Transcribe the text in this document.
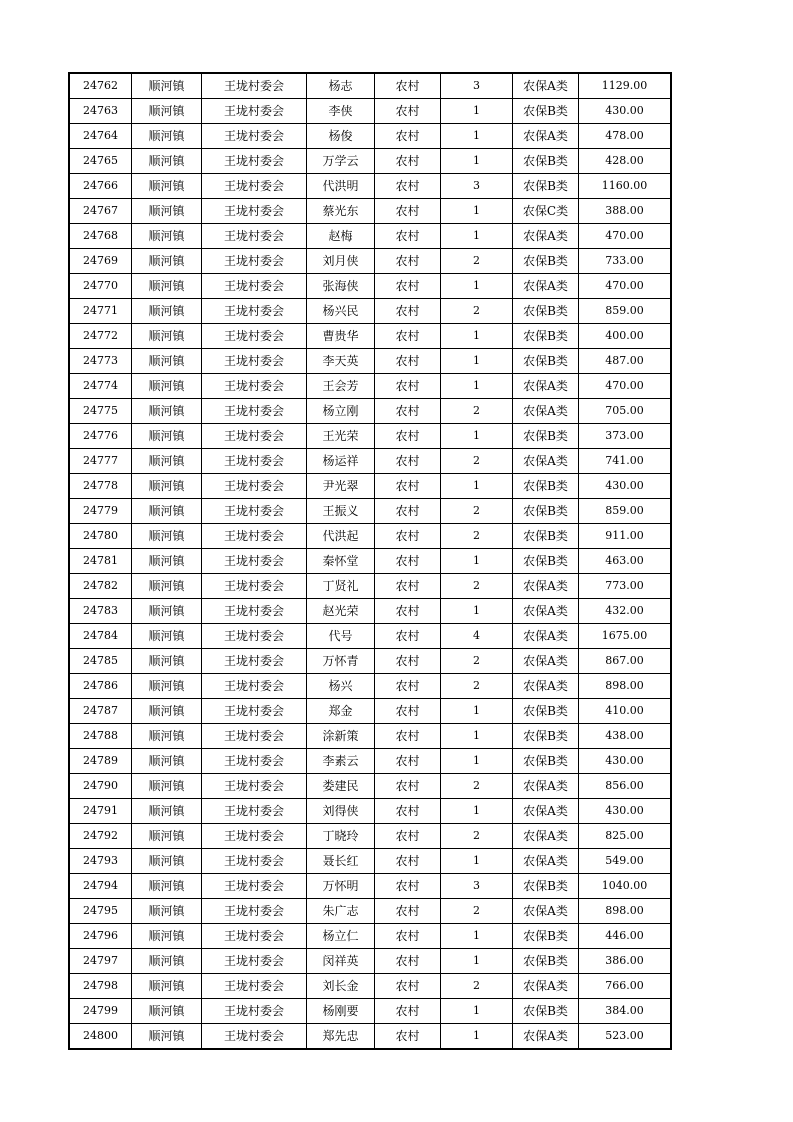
24762	顺河镇	王垅村委会	杨志	农村	3	农保A类	1129.00
24763	顺河镇	王垅村委会	李侠	农村	1	农保B类	430.00
24764	顺河镇	王垅村委会	杨俊	农村	1	农保A类	478.00
24765	顺河镇	王垅村委会	万学云	农村	1	农保B类	428.00
24766	顺河镇	王垅村委会	代洪明	农村	3	农保B类	1160.00
24767	顺河镇	王垅村委会	蔡光东	农村	1	农保C类	388.00
24768	顺河镇	王垅村委会	赵梅	农村	1	农保A类	470.00
24769	顺河镇	王垅村委会	刘月侠	农村	2	农保B类	733.00
24770	顺河镇	王垅村委会	张海侠	农村	1	农保A类	470.00
24771	顺河镇	王垅村委会	杨兴民	农村	2	农保B类	859.00
24772	顺河镇	王垅村委会	曹贵华	农村	1	农保B类	400.00
24773	顺河镇	王垅村委会	李天英	农村	1	农保B类	487.00
24774	顺河镇	王垅村委会	王会芳	农村	1	农保A类	470.00
24775	顺河镇	王垅村委会	杨立刚	农村	2	农保A类	705.00
24776	顺河镇	王垅村委会	王光荣	农村	1	农保B类	373.00
24777	顺河镇	王垅村委会	杨运祥	农村	2	农保A类	741.00
24778	顺河镇	王垅村委会	尹光翠	农村	1	农保B类	430.00
24779	顺河镇	王垅村委会	王振义	农村	2	农保B类	859.00
24780	顺河镇	王垅村委会	代洪起	农村	2	农保B类	911.00
24781	顺河镇	王垅村委会	秦怀堂	农村	1	农保B类	463.00
24782	顺河镇	王垅村委会	丁贤礼	农村	2	农保A类	773.00
24783	顺河镇	王垅村委会	赵光荣	农村	1	农保A类	432.00
24784	顺河镇	王垅村委会	代号	农村	4	农保A类	1675.00
24785	顺河镇	王垅村委会	万怀青	农村	2	农保A类	867.00
24786	顺河镇	王垅村委会	杨兴	农村	2	农保A类	898.00
24787	顺河镇	王垅村委会	郑金	农村	1	农保B类	410.00
24788	顺河镇	王垅村委会	涂新策	农村	1	农保B类	438.00
24789	顺河镇	王垅村委会	李素云	农村	1	农保B类	430.00
24790	顺河镇	王垅村委会	娄建民	农村	2	农保A类	856.00
24791	顺河镇	王垅村委会	刘得侠	农村	1	农保A类	430.00
24792	顺河镇	王垅村委会	丁晓玲	农村	2	农保A类	825.00
24793	顺河镇	王垅村委会	聂长红	农村	1	农保A类	549.00
24794	顺河镇	王垅村委会	万怀明	农村	3	农保B类	1040.00
24795	顺河镇	王垅村委会	朱广志	农村	2	农保A类	898.00
24796	顺河镇	王垅村委会	杨立仁	农村	1	农保B类	446.00
24797	顺河镇	王垅村委会	闵祥英	农村	1	农保B类	386.00
24798	顺河镇	王垅村委会	刘长金	农村	2	农保A类	766.00
24799	顺河镇	王垅村委会	杨刚要	农村	1	农保B类	384.00
24800	顺河镇	王垅村委会	郑先忠	农村	1	农保A类	523.00
